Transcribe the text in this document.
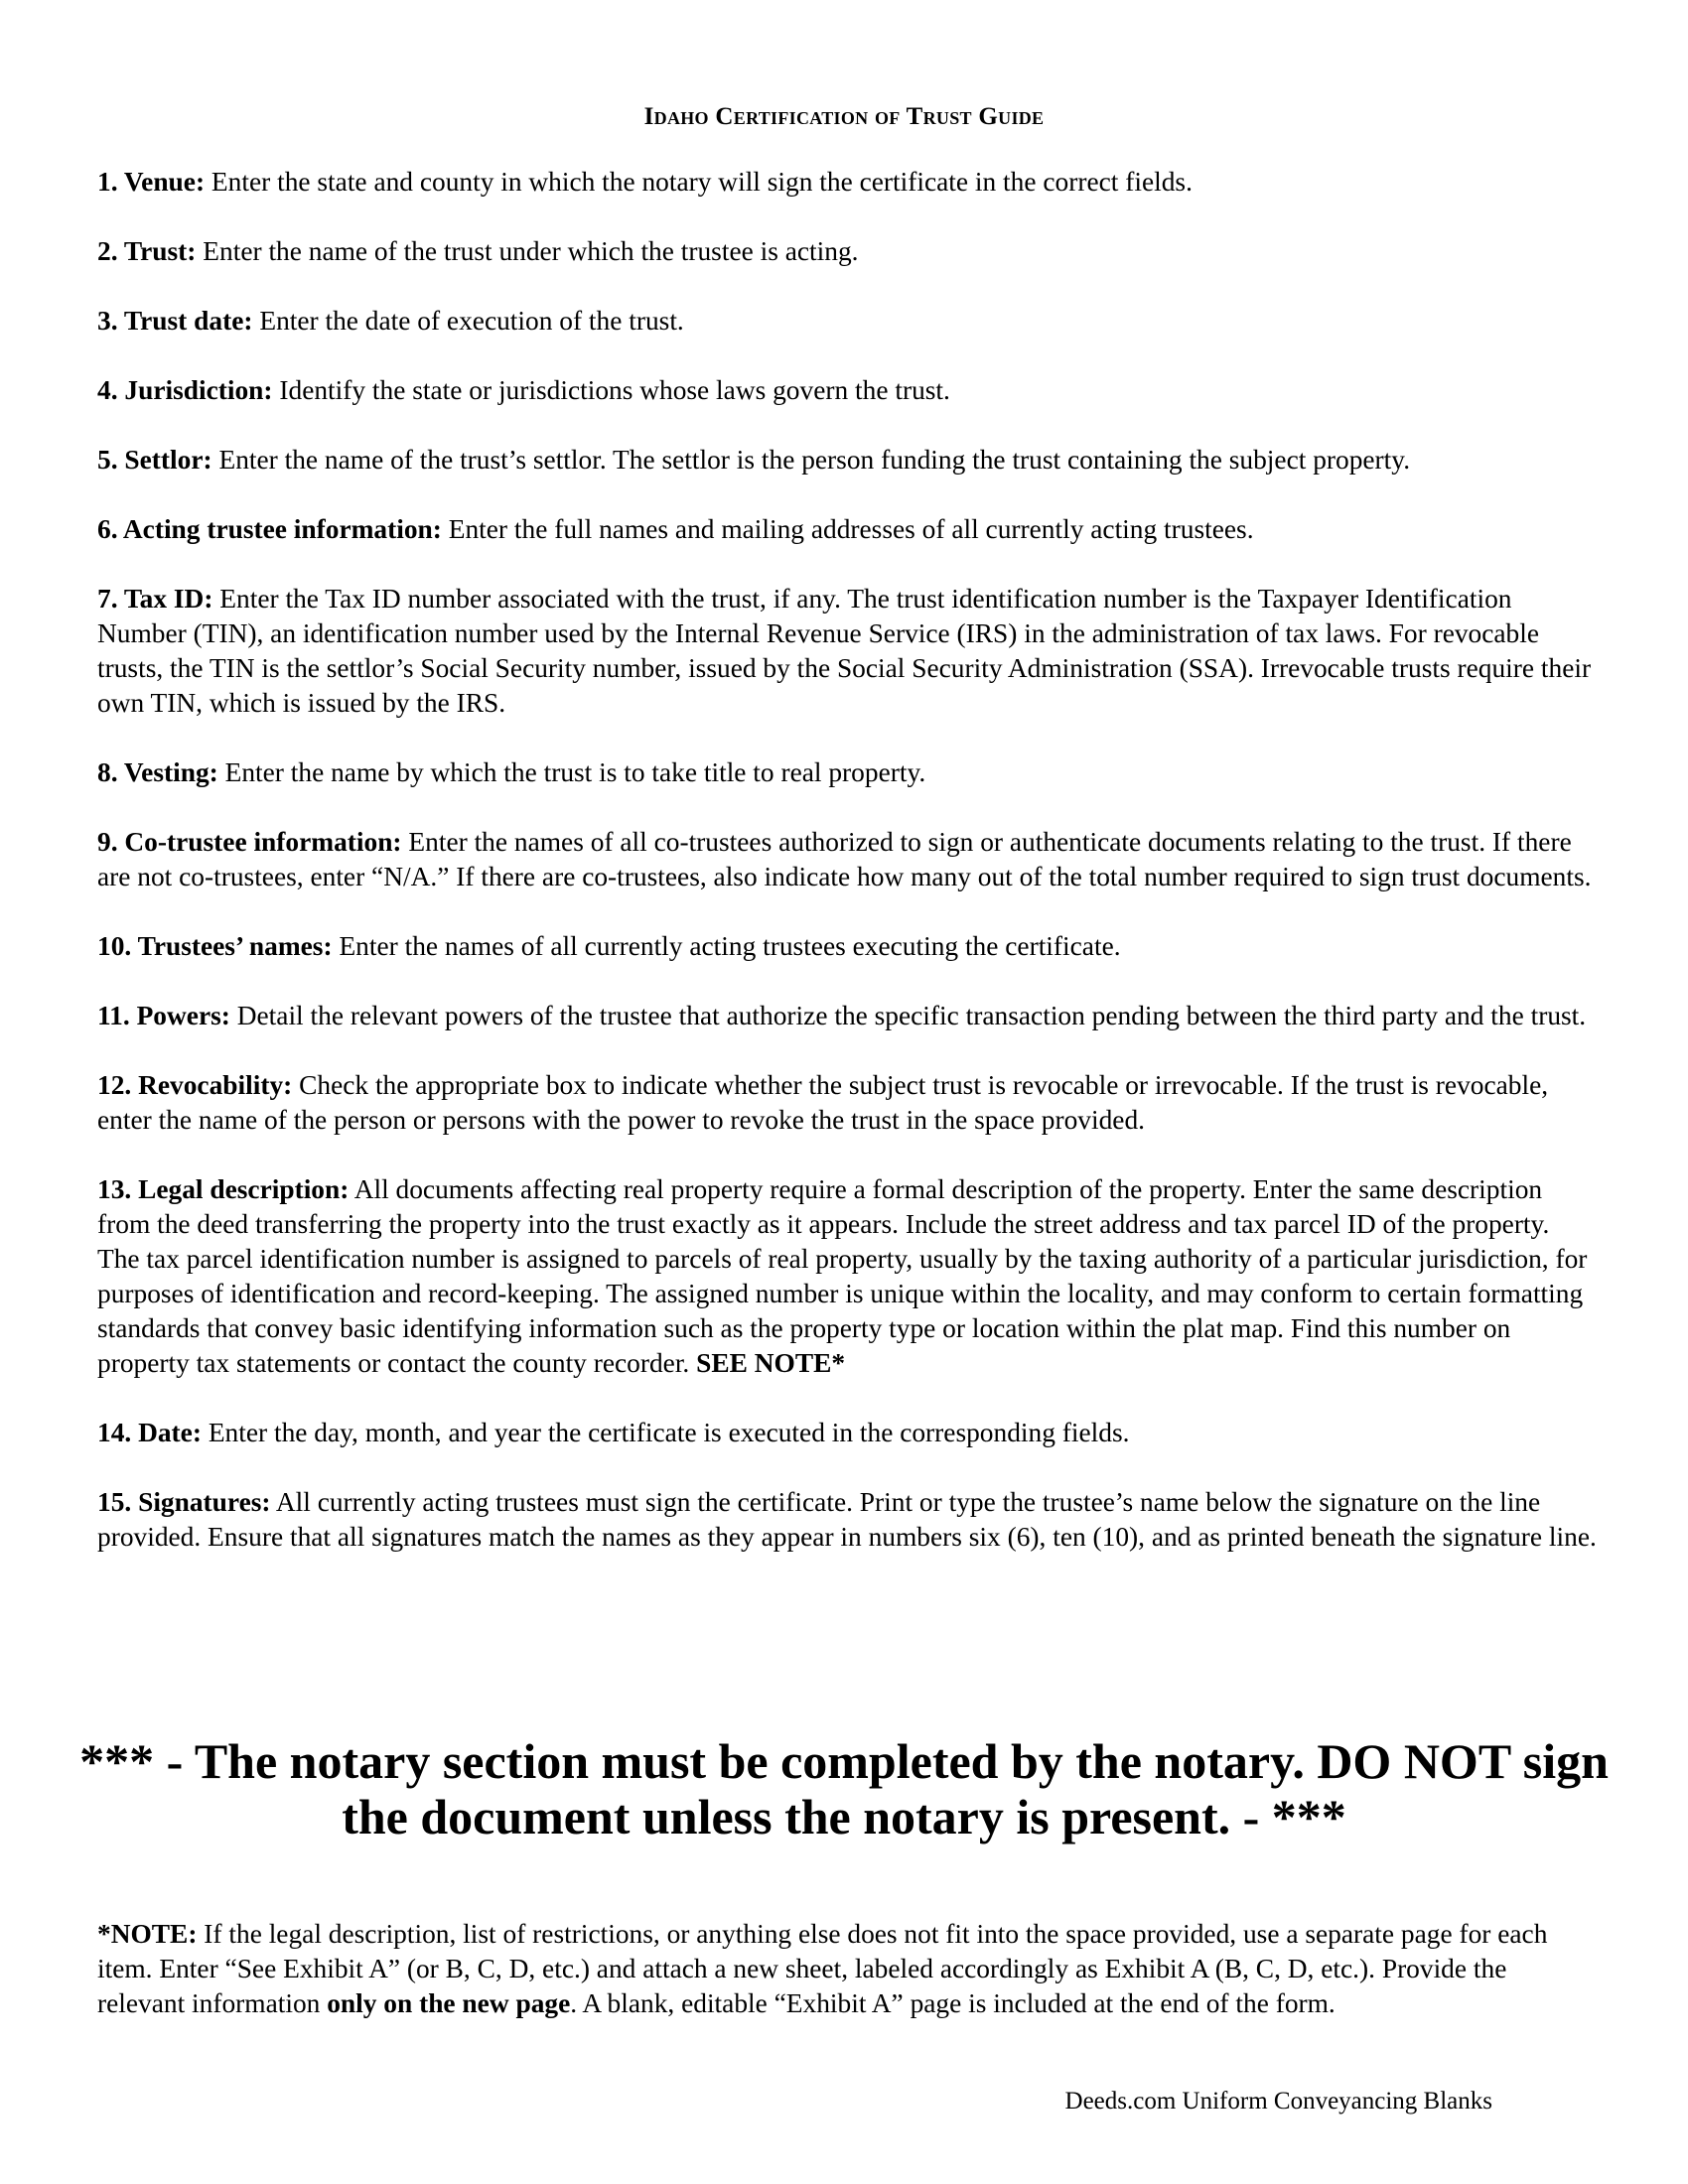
Idaho Certification of Trust Guide

1. Venue: Enter the state and county in which the notary will sign the certificate in the correct fields.

2. Trust: Enter the name of the trust under which the trustee is acting.

3. Trust date: Enter the date of execution of the trust.

4. Jurisdiction: Identify the state or jurisdictions whose laws govern the trust.

5. Settlor: Enter the name of the trust’s settlor. The settlor is the person funding the trust containing the subject property.

6. Acting trustee information: Enter the full names and mailing addresses of all currently acting trustees.

7. Tax ID: Enter the Tax ID number associated with the trust, if any. The trust identification number is the Taxpayer Identification Number (TIN), an identification number used by the Internal Revenue Service (IRS) in the administration of tax laws. For revocable trusts, the TIN is the settlor’s Social Security number, issued by the Social Security Administration (SSA). Irrevocable trusts require their own TIN, which is issued by the IRS.

8. Vesting: Enter the name by which the trust is to take title to real property.

9. Co-trustee information: Enter the names of all co-trustees authorized to sign or authenticate documents relating to the trust. If there are not co-trustees, enter “N/A.” If there are co-trustees, also indicate how many out of the total number required to sign trust documents.

10. Trustees’ names: Enter the names of all currently acting trustees executing the certificate.

11. Powers: Detail the relevant powers of the trustee that authorize the specific transaction pending between the third party and the trust.

12. Revocability: Check the appropriate box to indicate whether the subject trust is revocable or irrevocable. If the trust is revocable, enter the name of the person or persons with the power to revoke the trust in the space provided.

13. Legal description: All documents affecting real property require a formal description of the property. Enter the same description from the deed transferring the property into the trust exactly as it appears. Include the street address and tax parcel ID of the property. The tax parcel identification number is assigned to parcels of real property, usually by the taxing authority of a particular jurisdiction, for purposes of identification and record-keeping. The assigned number is unique within the locality, and may conform to certain formatting standards that convey basic identifying information such as the property type or location within the plat map. Find this number on property tax statements or contact the county recorder. SEE NOTE*

14. Date: Enter the day, month, and year the certificate is executed in the corresponding fields.

15. Signatures: All currently acting trustees must sign the certificate. Print or type the trustee’s name below the signature on the line provided. Ensure that all signatures match the names as they appear in numbers six (6), ten (10), and as printed beneath the signature line.

*** - The notary section must be completed by the notary. DO NOT sign the document unless the notary is present. - ***

*NOTE: If the legal description, list of restrictions, or anything else does not fit into the space provided, use a separate page for each item. Enter “See Exhibit A” (or B, C, D, etc.) and attach a new sheet, labeled accordingly as Exhibit A (B, C, D, etc.). Provide the relevant information only on the new page. A blank, editable “Exhibit A” page is included at the end of the form.

Deeds.com Uniform Conveyancing Blanks
